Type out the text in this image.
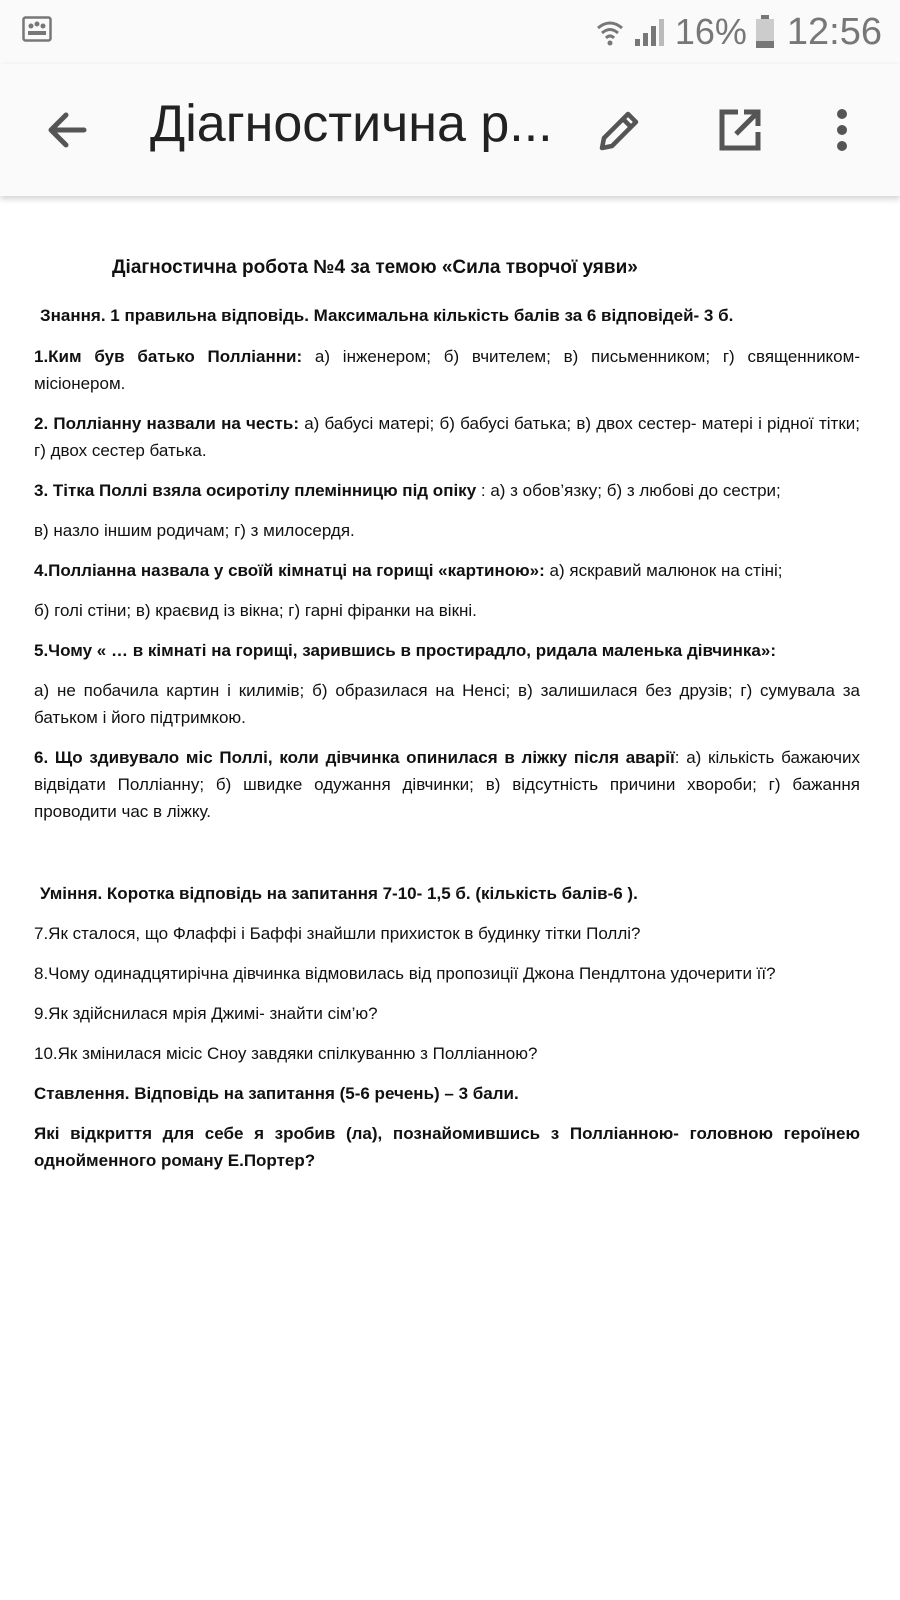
16% 12:56
Діагностична р...

Діагностична робота №4 за темою «Сила творчої уяви»

Знання. 1 правильна відповідь. Максимальна кількість балів за 6 відповідей- 3 б.

1.Ким був батько Полліанни: а) інженером; б) вчителем; в) письменником; г) священником-місіонером.

2. Полліанну назвали на честь: а) бабусі матері; б) бабусі батька; в) двох сестер- матері і рідної тітки; г) двох сестер батька.

3. Тітка Поллі взяла осиротілу племінницю під опіку : а) з обов’язку; б) з любові до сестри;

в) назло іншим родичам; г) з милосердя.

4.Полліанна назвала у своїй кімнатці на горищі «картиною»: а) яскравий малюнок на стіні;

б) голі стіни; в) краєвид із вікна; г) гарні фіранки на вікні.

5.Чому « … в кімнаті на горищі, зарившись в простирадло, ридала маленька дівчинка»:

а) не побачила картин і килимів; б) образилася на Ненсі; в) залишилася без друзів; г) сумувала за батьком і його підтримкою.

6. Що здивувало міс Поллі, коли дівчинка опинилася в ліжку після аварії: а) кількість бажаючих відвідати Полліанну; б) швидке одужання дівчинки; в) відсутність причини хвороби; г) бажання проводити час в ліжку.

Уміння. Коротка відповідь на запитання 7-10- 1,5 б. (кількість балів-6 ).

7.Як сталося, що Флаффі і Баффі знайшли прихисток в будинку тітки Поллі?

8.Чому одинадцятирічна дівчинка відмовилась від пропозиції Джона Пендлтона удочерити її?

9.Як здійснилася мрія Джимі- знайти сім’ю?

10.Як змінилася місіс Сноу завдяки спілкуванню з Полліанною?

Ставлення. Відповідь на запитання (5-6 речень) – 3 бали.

Які відкриття для себе я зробив (ла), познайомившись з Полліанною- головною героїнею однойменного роману Е.Портер?
